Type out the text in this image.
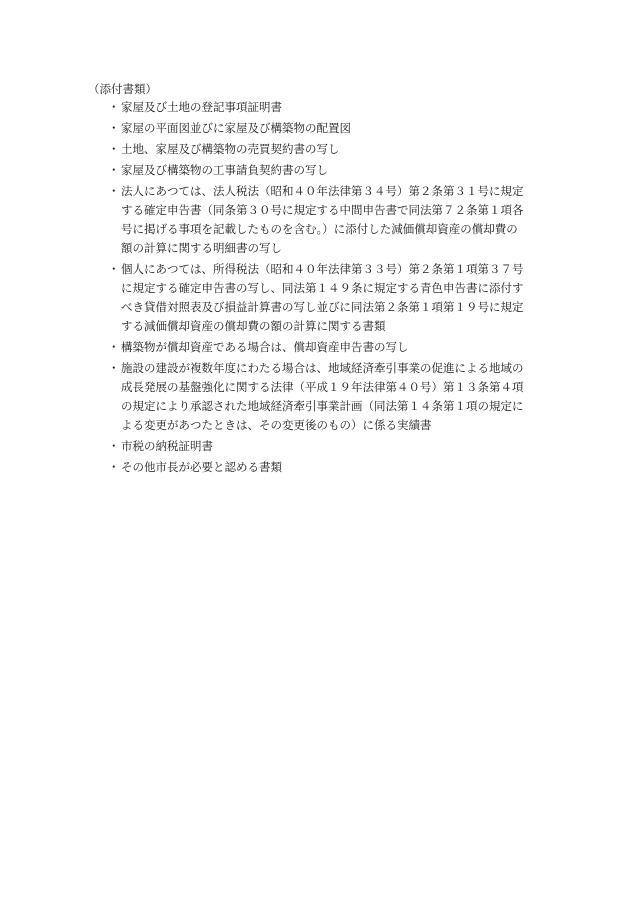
（添付書類）
・ 家屋及び土地の登記事項証明書
・ 家屋の平面図並びに家屋及び構築物の配置図
・ 土地、家屋及び構築物の売買契約書の写し
・ 家屋及び構築物の工事請負契約書の写し
・ 法人にあつては、法人税法（昭和４０年法律第３４号）第２条第３１号に規定する確定申告書（同条第３０号に規定する中間申告書で同法第７２条第１項各号に掲げる事項を記載したものを含む。）に添付した減価償却資産の償却費の額の計算に関する明細書の写し
・ 個人にあつては、所得税法（昭和４０年法律第３３号）第２条第１項第３７号に規定する確定申告書の写し、同法第１４９条に規定する青色申告書に添付すべき貸借対照表及び損益計算書の写し並びに同法第２条第１項第１９号に規定する減価償却資産の償却費の額の計算に関する書類
・ 構築物が償却資産である場合は、償却資産申告書の写し
・ 施設の建設が複数年度にわたる場合は、地域経済牽引事業の促進による地域の成長発展の基盤強化に関する法律（平成１９年法律第４０号）第１３条第４項の規定により承認された地域経済牽引事業計画（同法第１４条第１項の規定による変更があつたときは、その変更後のもの）に係る実績書
・ 市税の納税証明書
・ その他市長が必要と認める書類
